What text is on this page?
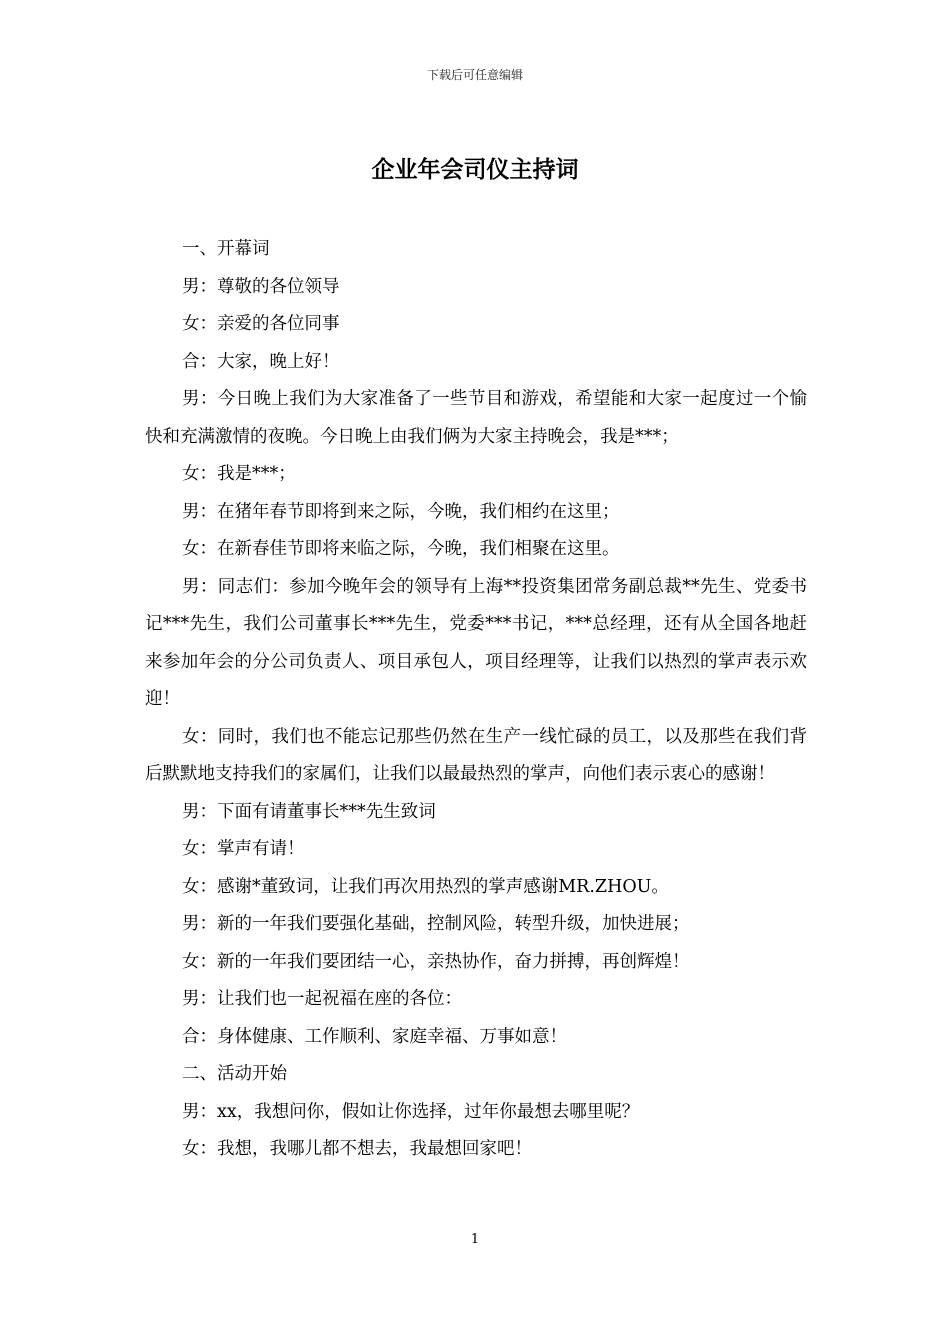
下载后可任意编辑
企业年会司仪主持词

一、开幕词

男：尊敬的各位领导

女：亲爱的各位同事

合：大家，晚上好！

男：今日晚上我们为大家准备了一些节目和游戏，希望能和大家一起度过一个愉快和充满激情的夜晚。今日晚上由我们俩为大家主持晚会，我是***；

女：我是***；

男：在猪年春节即将到来之际，今晚，我们相约在这里；

女：在新春佳节即将来临之际，今晚，我们相聚在这里。

男：同志们：参加今晚年会的领导有上海**投资集团常务副总裁**先生、党委书记***先生，我们公司董事长***先生，党委***书记，***总经理，还有从全国各地赶来参加年会的分公司负责人、项目承包人，项目经理等，让我们以热烈的掌声表示欢迎！

女：同时，我们也不能忘记那些仍然在生产一线忙碌的员工，以及那些在我们背后默默地支持我们的家属们，让我们以最最热烈的掌声，向他们表示衷心的感谢！

男：下面有请董事长***先生致词

女：掌声有请！

女：感谢*董致词，让我们再次用热烈的掌声感谢MR.ZHOU。

男：新的一年我们要强化基础，控制风险，转型升级，加快进展；

女：新的一年我们要团结一心，亲热协作，奋力拼搏，再创辉煌！

男：让我们也一起祝福在座的各位：

合：身体健康、工作顺利、家庭幸福、万事如意！

二、活动开始

男：xx，我想问你，假如让你选择，过年你最想去哪里呢？

女：我想，我哪儿都不想去，我最想回家吧！

1
